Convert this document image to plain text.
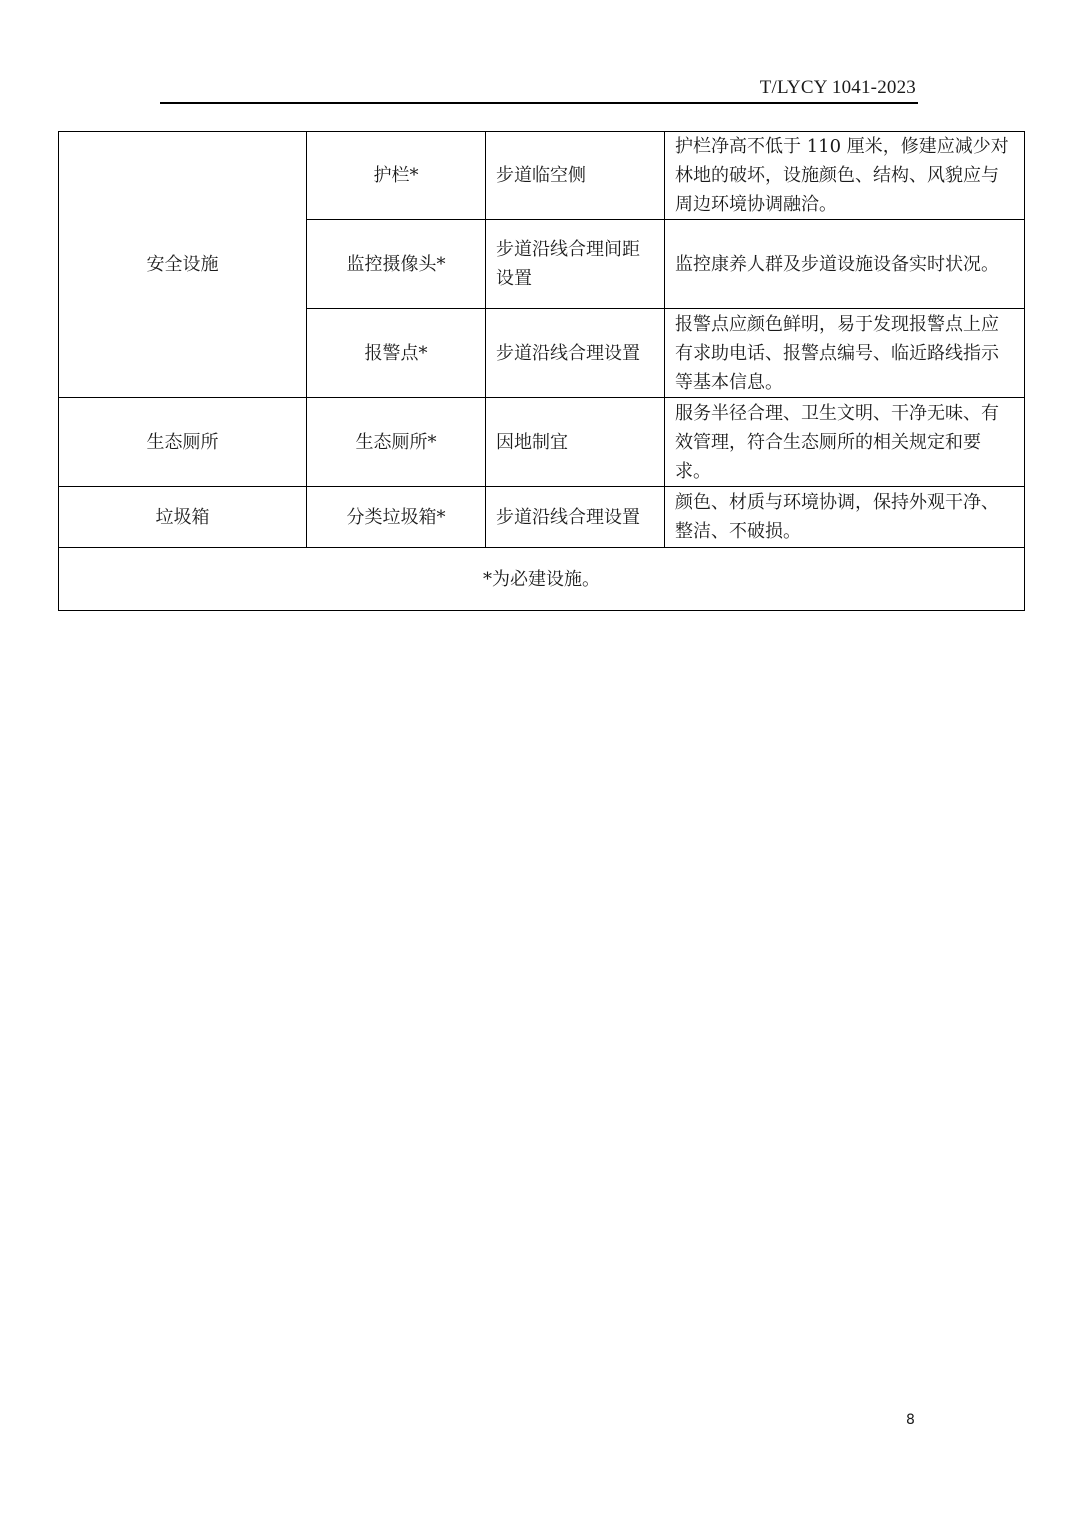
T/LYCY 1041-2023
安全设施	护栏*	步道临空侧	护栏净高不低于 110 厘米，修建应减少对林地的破坏，设施颜色、结构、风貌应与周边环境协调融洽。
	监控摄像头*	步道沿线合理间距设置	监控康养人群及步道设施设备实时状况。
	报警点*	步道沿线合理设置	报警点应颜色鲜明，易于发现报警点上应有求助电话、报警点编号、临近路线指示等基本信息。
生态厕所	生态厕所*	因地制宜	服务半径合理、卫生文明、干净无味、有效管理，符合生态厕所的相关规定和要求。
垃圾箱	分类垃圾箱*	步道沿线合理设置	颜色、材质与环境协调，保持外观干净、整洁、不破损。
*为必建设施。			
8
